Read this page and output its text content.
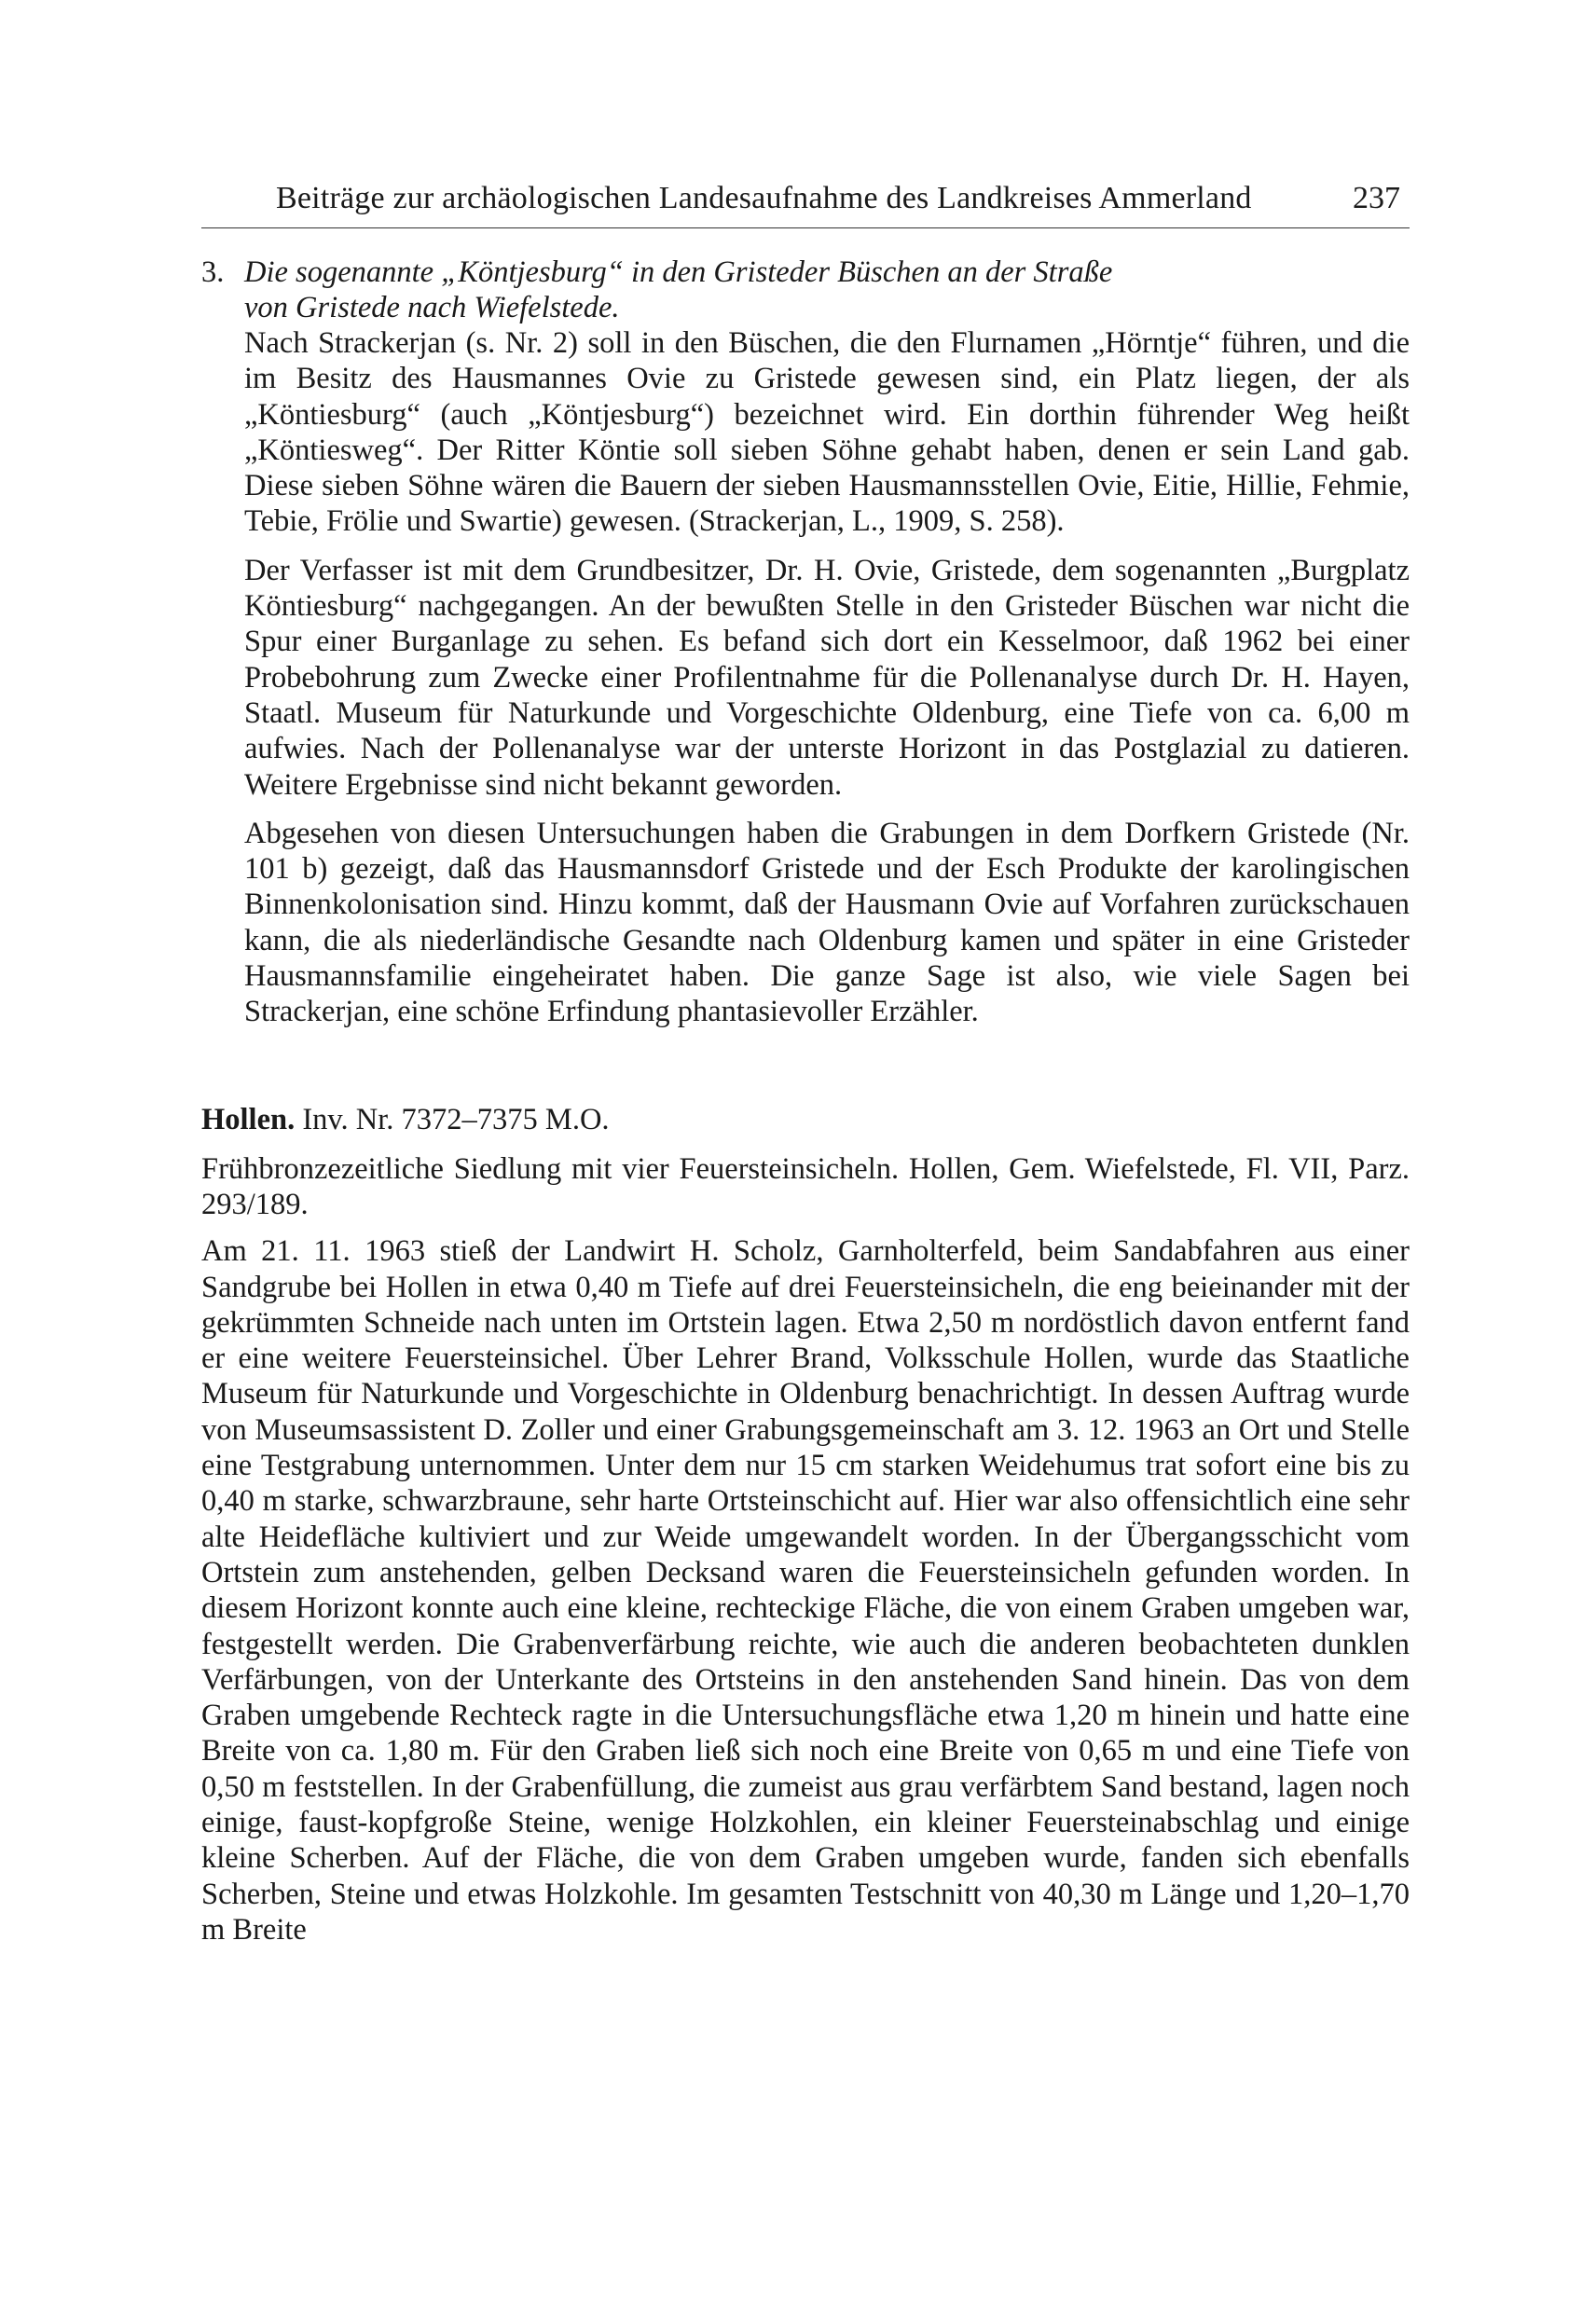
Beiträge zur archäologischen Landesaufnahme des Landkreises Ammerland	237
3. Die sogenannte „Köntjesburg“ in den Gristeder Büschen an der Straße
von Gristede nach Wiefelstede.

Nach Strackerjan (s. Nr. 2) soll in den Büschen, die den Flurnamen „Hörntje“ führen, und die im Besitz des Hausmannes Ovie zu Gristede gewesen sind, ein Platz liegen, der als „Köntiesburg“ (auch „Köntjesburg“) bezeichnet wird. Ein dorthin führender Weg heißt „Köntiesweg“. Der Ritter Köntie soll sieben Söhne gehabt haben, denen er sein Land gab. Diese sieben Söhne wären die Bauern der sieben Hausmannsstellen Ovie, Eitie, Hillie, Fehmie, Tebie, Frölie und Swartie) gewesen. (Strackerjan, L., 1909, S. 258).

Der Verfasser ist mit dem Grundbesitzer, Dr. H. Ovie, Gristede, dem sogenannten „Burgplatz Köntiesburg“ nachgegangen. An der bewußten Stelle in den Gristeder Büschen war nicht die Spur einer Burganlage zu sehen. Es befand sich dort ein Kesselmoor, daß 1962 bei einer Probebohrung zum Zwecke einer Profilentnahme für die Pollenanalyse durch Dr. H. Hayen, Staatl. Museum für Naturkunde und Vorgeschichte Oldenburg, eine Tiefe von ca. 6,00 m aufwies. Nach der Pollenanalyse war der unterste Horizont in das Postglazial zu datieren. Weitere Ergebnisse sind nicht bekannt geworden.

Abgesehen von diesen Untersuchungen haben die Grabungen in dem Dorfkern Gristede (Nr. 101 b) gezeigt, daß das Hausmannsdorf Gristede und der Esch Produkte der karolingischen Binnenkolonisation sind. Hinzu kommt, daß der Hausmann Ovie auf Vorfahren zurückschauen kann, die als niederländische Gesandte nach Oldenburg kamen und später in eine Gristeder Hausmannsfamilie eingeheiratet haben. Die ganze Sage ist also, wie viele Sagen bei Strackerjan, eine schöne Erfindung phantasievoller Erzähler.

Hollen. Inv. Nr. 7372–7375 M.O.

Frühbronzezeitliche Siedlung mit vier Feuersteinsicheln. Hollen, Gem. Wiefelstede, Fl. VII, Parz. 293/189.

Am 21. 11. 1963 stieß der Landwirt H. Scholz, Garnholterfeld, beim Sandabfahren aus einer Sandgrube bei Hollen in etwa 0,40 m Tiefe auf drei Feuersteinsicheln, die eng beieinander mit der gekrümmten Schneide nach unten im Ortstein lagen. Etwa 2,50 m nordöstlich davon entfernt fand er eine weitere Feuersteinsichel. Über Lehrer Brand, Volksschule Hollen, wurde das Staatliche Museum für Naturkunde und Vorgeschichte in Oldenburg benachrichtigt. In dessen Auftrag wurde von Museumsassistent D. Zoller und einer Grabungsgemeinschaft am 3. 12. 1963 an Ort und Stelle eine Testgrabung unternommen. Unter dem nur 15 cm starken Weidehumus trat sofort eine bis zu 0,40 m starke, schwarzbraune, sehr harte Ortsteinschicht auf. Hier war also offensichtlich eine sehr alte Heidefläche kultiviert und zur Weide umgewandelt worden. In der Übergangsschicht vom Ortstein zum anstehenden, gelben Decksand waren die Feuersteinsicheln gefunden worden. In diesem Horizont konnte auch eine kleine, rechteckige Fläche, die von einem Graben umgeben war, festgestellt werden. Die Grabenverfärbung reichte, wie auch die anderen beobachteten dunklen Verfärbungen, von der Unterkante des Ortsteins in den anstehenden Sand hinein. Das von dem Graben umgebende Rechteck ragte in die Untersuchungsfläche etwa 1,20 m hinein und hatte eine Breite von ca. 1,80 m. Für den Graben ließ sich noch eine Breite von 0,65 m und eine Tiefe von 0,50 m feststellen. In der Grabenfüllung, die zumeist aus grau verfärbtem Sand bestand, lagen noch einige, faust-kopfgroße Steine, wenige Holzkohlen, ein kleiner Feuersteinabschlag und einige kleine Scherben. Auf der Fläche, die von dem Graben umgeben wurde, fanden sich ebenfalls Scherben, Steine und etwas Holzkohle. Im gesamten Testschnitt von 40,30 m Länge und 1,20–1,70 m Breite
